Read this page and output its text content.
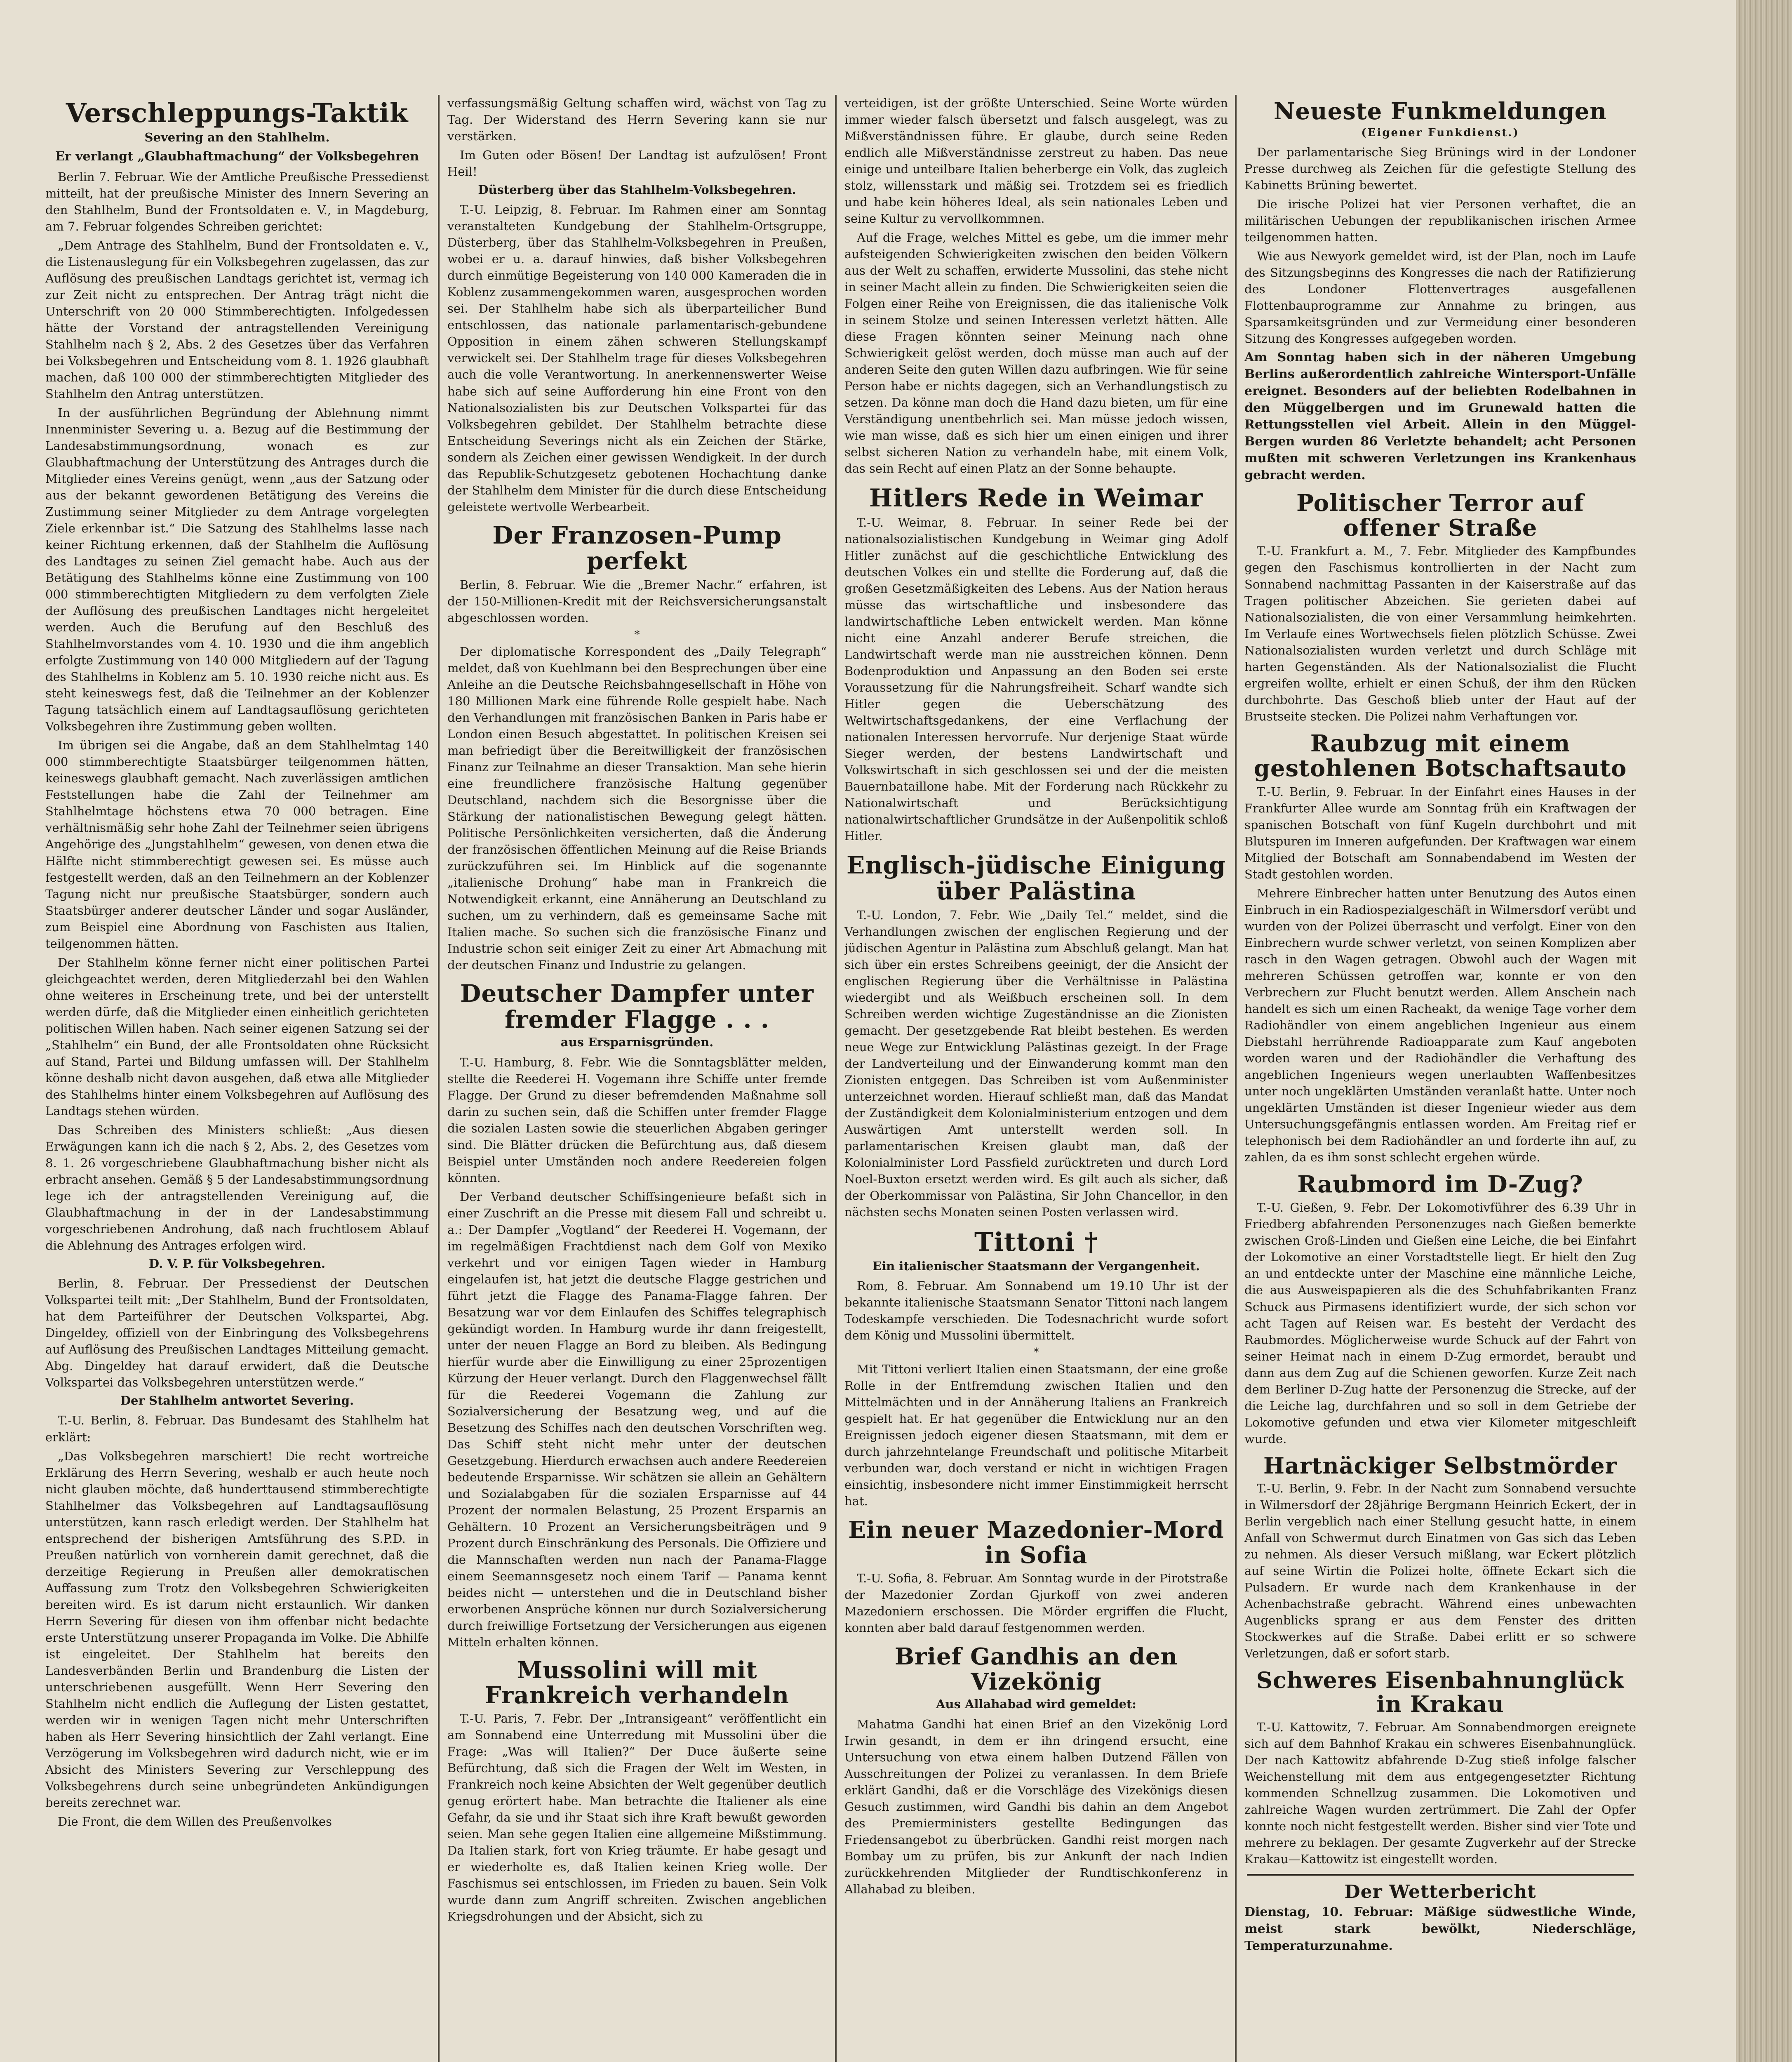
Verschleppungs-Taktik
Severing an den Stahlhelm.
Er verlangt „Glaubhaftmachung“ der Volksbegehren

Berlin 7. Februar. Wie der Amtliche Preußische Pressedienst mitteilt, hat der preußische Minister des Innern Severing an den Stahlhelm, Bund der Frontsoldaten e. V., in Magdeburg, am 7. Februar folgendes Schreiben gerichtet:

„Dem Antrage des Stahlhelm, Bund der Frontsoldaten e. V., die Listenauslegung für ein Volksbegehren zugelassen, das zur Auflösung des preußischen Landtags gerichtet ist, vermag ich zur Zeit nicht zu entsprechen. Der Antrag trägt nicht die Unterschrift von 20 000 Stimmberechtigten. Infolgedessen hätte der Vorstand der antragstellenden Vereinigung Stahlhelm nach § 2, Abs. 2 des Gesetzes über das Verfahren bei Volksbegehren und Entscheidung vom 8. 1. 1926 glaubhaft machen, daß 100 000 der stimmberechtigten Mitglieder des Stahlhelm den Antrag unterstützen.

In der ausführlichen Begründung der Ablehnung nimmt Innenminister Severing u. a. Bezug auf die Bestimmung der Landesabstimmungsordnung, wonach es zur Glaubhaftmachung der Unterstützung des Antrages durch die Mitglieder eines Vereins genügt, wenn „aus der Satzung oder aus der bekannt gewordenen Betätigung des Vereins die Zustimmung seiner Mitglieder zu dem Antrage vorgelegten Ziele erkennbar ist.“ Die Satzung des Stahlhelms lasse nach keiner Richtung erkennen, daß der Stahlhelm die Auflösung des Landtages zu seinen Ziel gemacht habe. Auch aus der Betätigung des Stahlhelms könne eine Zustimmung von 100 000 stimmberechtigten Mitgliedern zu dem verfolgten Ziele der Auflösung des preußischen Landtages nicht hergeleitet werden. Auch die Berufung auf den Beschluß des Stahlhelmvorstandes vom 4. 10. 1930 und die ihm angeblich erfolgte Zustimmung von 140 000 Mitgliedern auf der Tagung des Stahlhelms in Koblenz am 5. 10. 1930 reiche nicht aus. Es steht keineswegs fest, daß die Teilnehmer an der Koblenzer Tagung tatsächlich einem auf Landtagsauflösung gerichteten Volksbegehren ihre Zustimmung geben wollten.

Im übrigen sei die Angabe, daß an dem Stahlhelmtag 140 000 stimmberechtigte Staatsbürger teilgenommen hätten, keineswegs glaubhaft gemacht. Nach zuverlässigen amtlichen Feststellungen habe die Zahl der Teilnehmer am Stahlhelmtage höchstens etwa 70 000 betragen. Eine verhältnismäßig sehr hohe Zahl der Teilnehmer seien übrigens Angehörige des „Jungstahlhelm“ gewesen, von denen etwa die Hälfte nicht stimmberechtigt gewesen sei. Es müsse auch festgestellt werden, daß an den Teilnehmern an der Koblenzer Tagung nicht nur preußische Staatsbürger, sondern auch Staatsbürger anderer deutscher Länder und sogar Ausländer, zum Beispiel eine Abordnung von Faschisten aus Italien, teilgenommen hätten.

Der Stahlhelm könne ferner nicht einer politischen Partei gleichgeachtet werden, deren Mitgliederzahl bei den Wahlen ohne weiteres in Erscheinung trete, und bei der unterstellt werden dürfe, daß die Mitglieder einen einheitlich gerichteten politischen Willen haben. Nach seiner eigenen Satzung sei der „Stahlhelm“ ein Bund, der alle Frontsoldaten ohne Rücksicht auf Stand, Partei und Bildung umfassen will. Der Stahlhelm könne deshalb nicht davon ausgehen, daß etwa alle Mitglieder des Stahlhelms hinter einem Volksbegehren auf Auflösung des Landtags stehen würden.

Das Schreiben des Ministers schließt: „Aus diesen Erwägungen kann ich die nach § 2, Abs. 2, des Gesetzes vom 8. 1. 26 vorgeschriebene Glaubhaftmachung bisher nicht als erbracht ansehen. Gemäß § 5 der Landesabstimmungsordnung lege ich der antragstellenden Vereinigung auf, die Glaubhaftmachung in der in der Landesabstimmung vorgeschriebenen Androhung, daß nach fruchtlosem Ablauf die Ablehnung des Antrages erfolgen wird.

D. V. P. für Volksbegehren.

Berlin, 8. Februar. Der Pressedienst der Deutschen Volkspartei teilt mit: „Der Stahlhelm, Bund der Frontsoldaten, hat dem Parteiführer der Deutschen Volkspartei, Abg. Dingeldey, offiziell von der Einbringung des Volksbegehrens auf Auflösung des Preußischen Landtages Mitteilung gemacht. Abg. Dingeldey hat darauf erwidert, daß die Deutsche Volkspartei das Volksbegehren unterstützen werde.“

Der Stahlhelm antwortet Severing.

T.-U. Berlin, 8. Februar. Das Bundesamt des Stahlhelm hat erklärt:

„Das Volksbegehren marschiert! Die recht wortreiche Erklärung des Herrn Severing, weshalb er auch heute noch nicht glauben möchte, daß hunderttausend stimmberechtigte Stahlhelmer das Volksbegehren auf Landtagsauflösung unterstützen, kann rasch erledigt werden. Der Stahlhelm hat entsprechend der bisherigen Amtsführung des S.P.D. in Preußen natürlich von vornherein damit gerechnet, daß die derzeitige Regierung in Preußen aller demokratischen Auffassung zum Trotz den Volksbegehren Schwierigkeiten bereiten wird. Es ist darum nicht erstaunlich. Wir danken Herrn Severing für diesen von ihm offenbar nicht bedachte erste Unterstützung unserer Propaganda im Volke. Die Abhilfe ist eingeleitet. Der Stahlhelm hat bereits den Landesverbänden Berlin und Brandenburg die Listen der unterschriebenen ausgefüllt. Wenn Herr Severing den Stahlhelm nicht endlich die Auflegung der Listen gestattet, werden wir in wenigen Tagen nicht mehr Unterschriften haben als Herr Severing hinsichtlich der Zahl verlangt. Eine Verzögerung im Volksbegehren wird dadurch nicht, wie er im Absicht des Ministers Severing zur Verschleppung des Volksbegehrens durch seine unbegründeten Ankündigungen bereits zerechnet war.

Die Front, die dem Willen des Preußenvolkes

verfassungsmäßig Geltung schaffen wird, wächst von Tag zu Tag. Der Widerstand des Herrn Severing kann sie nur verstärken.

Im Guten oder Bösen! Der Landtag ist aufzulösen! Front Heil!

Düsterberg über das Stahlhelm-Volksbegehren.

T.-U. Leipzig, 8. Februar. Im Rahmen einer am Sonntag veranstalteten Kundgebung der Stahlhelm-Ortsgruppe, Düsterberg, über das Stahlhelm-Volksbegehren in Preußen, wobei er u. a. darauf hinwies, daß bisher Volksbegehren durch einmütige Begeisterung von 140 000 Kameraden die in Koblenz zusammengekommen waren, ausgesprochen worden sei. Der Stahlhelm habe sich als überparteilicher Bund entschlossen, das nationale parlamentarisch-gebundene Opposition in einem zähen schweren Stellungskampf verwickelt sei. Der Stahlhelm trage für dieses Volksbegehren auch die volle Verantwortung. In anerkennenswerter Weise habe sich auf seine Aufforderung hin eine Front von den Nationalsozialisten bis zur Deutschen Volkspartei für das Volksbegehren gebildet. Der Stahlhelm betrachte diese Entscheidung Severings nicht als ein Zeichen der Stärke, sondern als Zeichen einer gewissen Wendigkeit. In der durch das Republik-Schutzgesetz gebotenen Hochachtung danke der Stahlhelm dem Minister für die durch diese Entscheidung geleistete wertvolle Werbearbeit.

Der Franzosen-Pump perfekt

Berlin, 8. Februar. Wie die „Bremer Nachr.“ erfahren, ist der 150-Millionen-Kredit mit der Reichsversicherungsanstalt abgeschlossen worden.

*

Der diplomatische Korrespondent des „Daily Telegraph“ meldet, daß von Kuehlmann bei den Besprechungen über eine Anleihe an die Deutsche Reichsbahngesellschaft in Höhe von 180 Millionen Mark eine führende Rolle gespielt habe. Nach den Verhandlungen mit französischen Banken in Paris habe er London einen Besuch abgestattet. In politischen Kreisen sei man befriedigt über die Bereitwilligkeit der französischen Finanz zur Teilnahme an dieser Transaktion. Man sehe hierin eine freundlichere französische Haltung gegenüber Deutschland, nachdem sich die Besorgnisse über die Stärkung der nationalistischen Bewegung gelegt hätten. Politische Persönlichkeiten versicherten, daß die Änderung der französischen öffentlichen Meinung auf die Reise Briands zurückzuführen sei. Im Hinblick auf die sogenannte „italienische Drohung“ habe man in Frankreich die Notwendigkeit erkannt, eine Annäherung an Deutschland zu suchen, um zu verhindern, daß es gemeinsame Sache mit Italien mache. So suchen sich die französische Finanz und Industrie schon seit einiger Zeit zu einer Art Abmachung mit der deutschen Finanz und Industrie zu gelangen.

Deutscher Dampfer unter fremder Flagge . . .
aus Ersparnisgründen.

T.-U. Hamburg, 8. Febr. Wie die Sonntagsblätter melden, stellte die Reederei H. Vogemann ihre Schiffe unter fremde Flagge. Der Grund zu dieser befremdenden Maßnahme soll darin zu suchen sein, daß die Schiffen unter fremder Flagge die sozialen Lasten sowie die steuerlichen Abgaben geringer sind. Die Blätter drücken die Befürchtung aus, daß diesem Beispiel unter Umständen noch andere Reedereien folgen könnten.

Der Verband deutscher Schiffsingenieure befaßt sich in einer Zuschrift an die Presse mit diesem Fall und schreibt u. a.: Der Dampfer „Vogtland“ der Reederei H. Vogemann, der im regelmäßigen Frachtdienst nach dem Golf von Mexiko verkehrt und vor einigen Tagen wieder in Hamburg eingelaufen ist, hat jetzt die deutsche Flagge gestrichen und führt jetzt die Flagge des Panama-Flagge fahren. Der Besatzung war vor dem Einlaufen des Schiffes telegraphisch gekündigt worden. In Hamburg wurde ihr dann freigestellt, unter der neuen Flagge an Bord zu bleiben. Als Bedingung hierfür wurde aber die Einwilligung zu einer 25prozentigen Kürzung der Heuer verlangt. Durch den Flaggenwechsel fällt für die Reederei Vogemann die Zahlung zur Sozialversicherung der Besatzung weg, und auf die Besetzung des Schiffes nach den deutschen Vorschriften weg. Das Schiff steht nicht mehr unter der deutschen Gesetzgebung. Hierdurch erwachsen auch andere Reedereien bedeutende Ersparnisse. Wir schätzen sie allein an Gehältern und Sozialabgaben für die sozialen Ersparnisse auf 44 Prozent der normalen Belastung, 25 Prozent Ersparnis an Gehältern. 10 Prozent an Versicherungsbeiträgen und 9 Prozent durch Einschränkung des Personals. Die Offiziere und die Mannschaften werden nun nach der Panama-Flagge einem Seemannsgesetz noch einem Tarif — Panama kennt beides nicht — unterstehen und die in Deutschland bisher erworbenen Ansprüche können nur durch Sozialversicherung durch freiwillige Fortsetzung der Versicherungen aus eigenen Mitteln erhalten können.

Mussolini will mit Frankreich verhandeln

T.-U. Paris, 7. Febr. Der „Intransigeant“ veröffentlicht ein am Sonnabend eine Unterredung mit Mussolini über die Frage: „Was will Italien?“ Der Duce äußerte seine Befürchtung, daß sich die Fragen der Welt im Westen, in Frankreich noch keine Absichten der Welt gegenüber deutlich genug erörtert habe. Man betrachte die Italiener als eine Gefahr, da sie und ihr Staat sich ihre Kraft bewußt geworden seien. Man sehe gegen Italien eine allgemeine Mißstimmung. Da Italien stark, fort von Krieg träumte. Er habe gesagt und er wiederholte es, daß Italien keinen Krieg wolle. Der Faschismus sei entschlossen, im Frieden zu bauen. Sein Volk wurde dann zum Angriff schreiten. Zwischen angeblichen Kriegsdrohungen und der Absicht, sich zu

verteidigen, ist der größte Unterschied. Seine Worte würden immer wieder falsch übersetzt und falsch ausgelegt, was zu Mißverständnissen führe. Er glaube, durch seine Reden endlich alle Mißverständnisse zerstreut zu haben. Das neue einige und unteilbare Italien beherberge ein Volk, das zugleich stolz, willensstark und mäßig sei. Trotzdem sei es friedlich und habe kein höheres Ideal, als sein nationales Leben und seine Kultur zu vervollkommnen.

Auf die Frage, welches Mittel es gebe, um die immer mehr aufsteigenden Schwierigkeiten zwischen den beiden Völkern aus der Welt zu schaffen, erwiderte Mussolini, das stehe nicht in seiner Macht allein zu finden. Die Schwierigkeiten seien die Folgen einer Reihe von Ereignissen, die das italienische Volk in seinem Stolze und seinen Interessen verletzt hätten. Alle diese Fragen könnten seiner Meinung nach ohne Schwierigkeit gelöst werden, doch müsse man auch auf der anderen Seite den guten Willen dazu aufbringen. Wie für seine Person habe er nichts dagegen, sich an Verhandlungstisch zu setzen. Da könne man doch die Hand dazu bieten, um für eine Verständigung unentbehrlich sei. Man müsse jedoch wissen, wie man wisse, daß es sich hier um einen einigen und ihrer selbst sicheren Nation zu verhandeln habe, mit einem Volk, das sein Recht auf einen Platz an der Sonne behaupte.

Hitlers Rede in Weimar

T.-U. Weimar, 8. Februar. In seiner Rede bei der nationalsozialistischen Kundgebung in Weimar ging Adolf Hitler zunächst auf die geschichtliche Entwicklung des deutschen Volkes ein und stellte die Forderung auf, daß die großen Gesetzmäßigkeiten des Lebens. Aus der Nation heraus müsse das wirtschaftliche und insbesondere das landwirtschaftliche Leben entwickelt werden. Man könne nicht eine Anzahl anderer Berufe streichen, die Landwirtschaft werde man nie ausstreichen können. Denn Bodenproduktion und Anpassung an den Boden sei erste Voraussetzung für die Nahrungsfreiheit. Scharf wandte sich Hitler gegen die Ueberschätzung des Weltwirtschaftsgedankens, der eine Verflachung der nationalen Interessen hervorrufe. Nur derjenige Staat würde Sieger werden, der bestens Landwirtschaft und Volkswirtschaft in sich geschlossen sei und der die meisten Bauernbataillone habe. Mit der Forderung nach Rückkehr zu Nationalwirtschaft und Berücksichtigung nationalwirtschaftlicher Grundsätze in der Außenpolitik schloß Hitler.

Englisch-jüdische Einigung über Palästina

T.-U. London, 7. Febr. Wie „Daily Tel.“ meldet, sind die Verhandlungen zwischen der englischen Regierung und der jüdischen Agentur in Palästina zum Abschluß gelangt. Man hat sich über ein erstes Schreibens geeinigt, der die Ansicht der englischen Regierung über die Verhältnisse in Palästina wiedergibt und als Weißbuch erscheinen soll. In dem Schreiben werden wichtige Zugeständnisse an die Zionisten gemacht. Der gesetzgebende Rat bleibt bestehen. Es werden neue Wege zur Entwicklung Palästinas gezeigt. In der Frage der Landverteilung und der Einwanderung kommt man den Zionisten entgegen. Das Schreiben ist vom Außenminister unterzeichnet worden. Hierauf schließt man, daß das Mandat der Zuständigkeit dem Kolonialministerium entzogen und dem Auswärtigen Amt unterstellt werden soll. In parlamentarischen Kreisen glaubt man, daß der Kolonialminister Lord Passfield zurücktreten und durch Lord Noel-Buxton ersetzt werden wird. Es gilt auch als sicher, daß der Oberkommissar von Palästina, Sir John Chancellor, in den nächsten sechs Monaten seinen Posten verlassen wird.

Tittoni †
Ein italienischer Staatsmann der Vergangenheit.

Rom, 8. Februar. Am Sonnabend um 19.10 Uhr ist der bekannte italienische Staatsmann Senator Tittoni nach langem Todeskampfe verschieden. Die Todesnachricht wurde sofort dem König und Mussolini übermittelt.

*

Mit Tittoni verliert Italien einen Staatsmann, der eine große Rolle in der Entfremdung zwischen Italien und den Mittelmächten und in der Annäherung Italiens an Frankreich gespielt hat. Er hat gegenüber die Entwicklung nur an den Ereignissen jedoch eigener diesen Staatsmann, mit dem er durch jahrzehntelange Freundschaft und politische Mitarbeit verbunden war, doch verstand er nicht in wichtigen Fragen einsichtig, insbesondere nicht immer Einstimmigkeit herrscht hat.

Ein neuer Mazedonier-Mord in Sofia

T.-U. Sofia, 8. Februar. Am Sonntag wurde in der Pirotstraße der Mazedonier Zordan Gjurkoff von zwei anderen Mazedoniern erschossen. Die Mörder ergriffen die Flucht, konnten aber bald darauf festgenommen werden.

Brief Gandhis an den Vizekönig
Aus Allahabad wird gemeldet:

Mahatma Gandhi hat einen Brief an den Vizekönig Lord Irwin gesandt, in dem er ihn dringend ersucht, eine Untersuchung von etwa einem halben Dutzend Fällen von Ausschreitungen der Polizei zu veranlassen. In dem Briefe erklärt Gandhi, daß er die Vorschläge des Vizekönigs diesen Gesuch zustimmen, wird Gandhi bis dahin an dem Angebot des Premierministers gestellte Bedingungen das Friedensangebot zu überbrücken. Gandhi reist morgen nach Bombay um zu prüfen, bis zur Ankunft der nach Indien zurückkehrenden Mitglieder der Rundtischkonferenz in Allahabad zu bleiben.

Neueste Funkmeldungen
(Eigener Funkdienst.)

Der parlamentarische Sieg Brünings wird in der Londoner Presse durchweg als Zeichen für die gefestigte Stellung des Kabinetts Brüning bewertet.

Die irische Polizei hat vier Personen verhaftet, die an militärischen Uebungen der republikanischen irischen Armee teilgenommen hatten.

Wie aus Newyork gemeldet wird, ist der Plan, noch im Laufe des Sitzungsbeginns des Kongresses die nach der Ratifizierung des Londoner Flottenvertrages ausgefallenen Flottenbauprogramme zur Annahme zu bringen, aus Sparsamkeitsgründen und zur Vermeidung einer besonderen Sitzung des Kongresses aufgegeben worden.

Am Sonntag haben sich in der näheren Umgebung Berlins außerordentlich zahlreiche Wintersport-Unfälle ereignet. Besonders auf der beliebten Rodelbahnen in den Müggelbergen und im Grunewald hatten die Rettungsstellen viel Arbeit. Allein in den Müggel-Bergen wurden 86 Verletzte behandelt; acht Personen mußten mit schweren Verletzungen ins Krankenhaus gebracht werden.

Politischer Terror auf offener Straße

T.-U. Frankfurt a. M., 7. Febr. Mitglieder des Kampfbundes gegen den Faschismus kontrollierten in der Nacht zum Sonnabend nachmittag Passanten in der Kaiserstraße auf das Tragen politischer Abzeichen. Sie gerieten dabei auf Nationalsozialisten, die von einer Versammlung heimkehrten. Im Verlaufe eines Wortwechsels fielen plötzlich Schüsse. Zwei Nationalsozialisten wurden verletzt und durch Schläge mit harten Gegenständen. Als der Nationalsozialist die Flucht ergreifen wollte, erhielt er einen Schuß, der ihm den Rücken durchbohrte. Das Geschoß blieb unter der Haut auf der Brustseite stecken. Die Polizei nahm Verhaftungen vor.

Raubzug mit einem gestohlenen Botschaftsauto

T.-U. Berlin, 9. Februar. In der Einfahrt eines Hauses in der Frankfurter Allee wurde am Sonntag früh ein Kraftwagen der spanischen Botschaft von fünf Kugeln durchbohrt und mit Blutspuren im Inneren aufgefunden. Der Kraftwagen war einem Mitglied der Botschaft am Sonnabendabend im Westen der Stadt gestohlen worden.

Mehrere Einbrecher hatten unter Benutzung des Autos einen Einbruch in ein Radiospezialgeschäft in Wilmersdorf verübt und wurden von der Polizei überrascht und verfolgt. Einer von den Einbrechern wurde schwer verletzt, von seinen Komplizen aber rasch in den Wagen getragen. Obwohl auch der Wagen mit mehreren Schüssen getroffen war, konnte er von den Verbrechern zur Flucht benutzt werden. Allem Anschein nach handelt es sich um einen Racheakt, da wenige Tage vorher dem Radiohändler von einem angeblichen Ingenieur aus einem Diebstahl herrührende Radioapparate zum Kauf angeboten worden waren und der Radiohändler die Verhaftung des angeblichen Ingenieurs wegen unerlaubten Waffenbesitzes unter noch ungeklärten Umständen veranlaßt hatte. Unter noch ungeklärten Umständen ist dieser Ingenieur wieder aus dem Untersuchungsgefängnis entlassen worden. Am Freitag rief er telephonisch bei dem Radiohändler an und forderte ihn auf, zu zahlen, da es ihm sonst schlecht ergehen würde.

Raubmord im D-Zug?

T.-U. Gießen, 9. Febr. Der Lokomotivführer des 6.39 Uhr in Friedberg abfahrenden Personenzuges nach Gießen bemerkte zwischen Groß-Linden und Gießen eine Leiche, die bei Einfahrt der Lokomotive an einer Vorstadtstelle liegt. Er hielt den Zug an und entdeckte unter der Maschine eine männliche Leiche, die aus Ausweispapieren als die des Schuhfabrikanten Franz Schuck aus Pirmasens identifiziert wurde, der sich schon vor acht Tagen auf Reisen war. Es besteht der Verdacht des Raubmordes. Möglicherweise wurde Schuck auf der Fahrt von seiner Heimat nach in einem D-Zug ermordet, beraubt und dann aus dem Zug auf die Schienen geworfen. Kurze Zeit nach dem Berliner D-Zug hatte der Personenzug die Strecke, auf der die Leiche lag, durchfahren und so soll in dem Getriebe der Lokomotive gefunden und etwa vier Kilometer mitgeschleift wurde.

Hartnäckiger Selbstmörder

T.-U. Berlin, 9. Febr. In der Nacht zum Sonnabend versuchte in Wilmersdorf der 28jährige Bergmann Heinrich Eckert, der in Berlin vergeblich nach einer Stellung gesucht hatte, in einem Anfall von Schwermut durch Einatmen von Gas sich das Leben zu nehmen. Als dieser Versuch mißlang, war Eckert plötzlich auf seine Wirtin die Polizei holte, öffnete Eckart sich die Pulsadern. Er wurde nach dem Krankenhause in der Achenbachstraße gebracht. Während eines unbewachten Augenblicks sprang er aus dem Fenster des dritten Stockwerkes auf die Straße. Dabei erlitt er so schwere Verletzungen, daß er sofort starb.

Schweres Eisenbahnunglück in Krakau

T.-U. Kattowitz, 7. Februar. Am Sonnabendmorgen ereignete sich auf dem Bahnhof Krakau ein schweres Eisenbahnunglück. Der nach Kattowitz abfahrende D-Zug stieß infolge falscher Weichenstellung mit dem aus entgegengesetzter Richtung kommenden Schnellzug zusammen. Die Lokomotiven und zahlreiche Wagen wurden zertrümmert. Die Zahl der Opfer konnte noch nicht festgestellt werden. Bisher sind vier Tote und mehrere zu beklagen. Der gesamte Zugverkehr auf der Strecke Krakau—Kattowitz ist eingestellt worden.

Der Wetterbericht

Dienstag, 10. Februar: Mäßige südwestliche Winde, meist stark bewölkt, Niederschläge, Temperaturzunahme.
